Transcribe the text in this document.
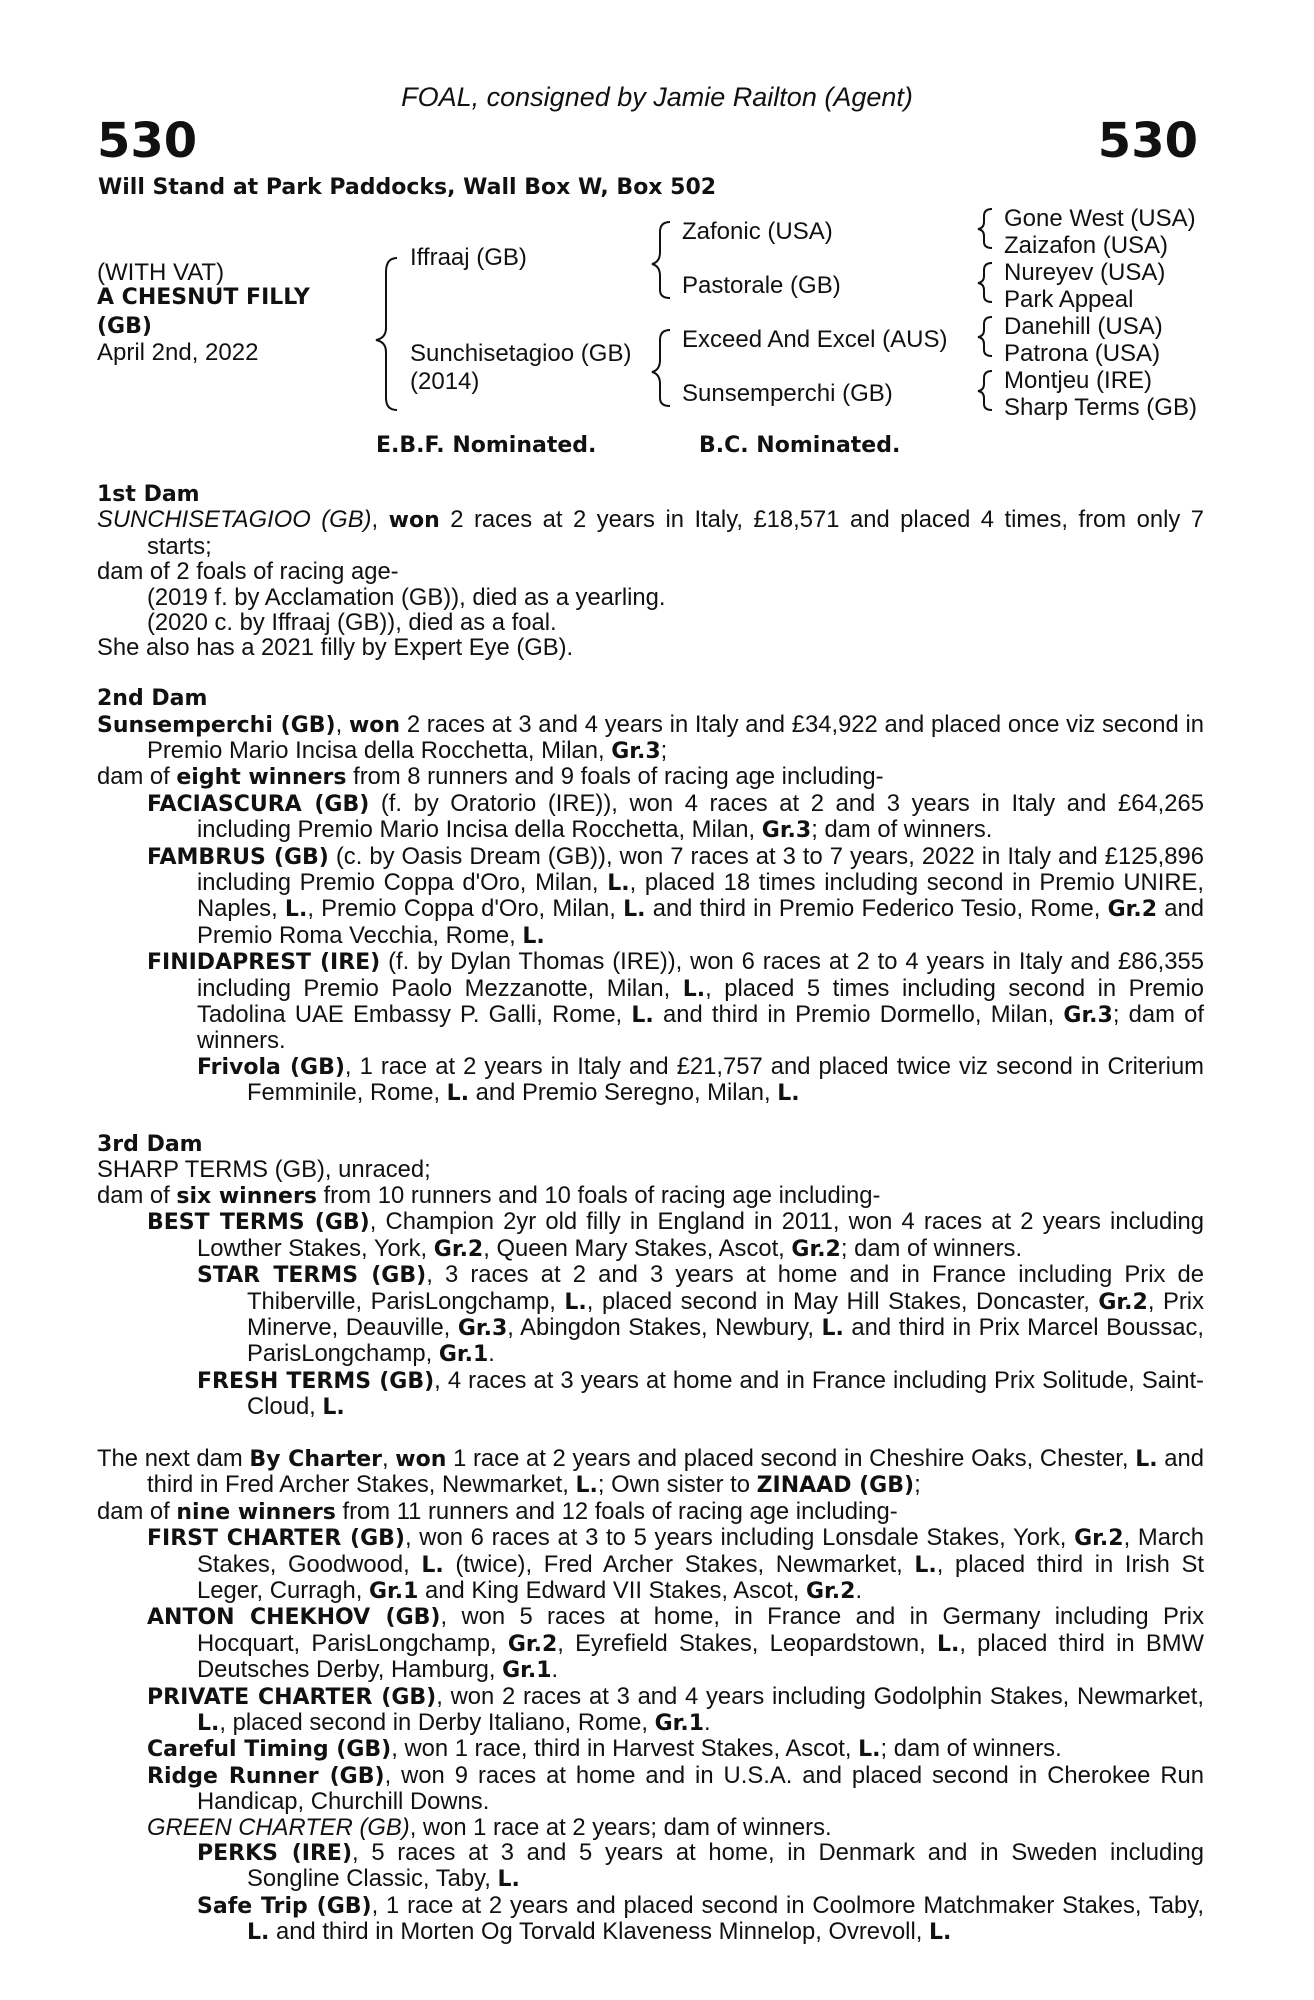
FOAL, consigned by Jamie Railton (Agent)
530	530
Will Stand at Park Paddocks, Wall Box W, Box 502
(WITH VAT)
A CHESNUT FILLY
(GB)
April 2nd, 2022
Iffraaj (GB)
Sunchisetagioo (GB)
(2014)
Zafonic (USA)
Pastorale (GB)
Exceed And Excel (AUS)
Sunsemperchi (GB)
Gone West (USA)
Zaizafon (USA)
Nureyev (USA)
Park Appeal
Danehill (USA)
Patrona (USA)
Montjeu (IRE)
Sharp Terms (GB)
E.B.F. Nominated.	B.C. Nominated.
1st Dam
SUNCHISETAGIOO (GB), won 2 races at 2 years in Italy, £18,571 and placed 4 times, from only 7 starts;
dam of 2 foals of racing age-
(2019 f. by Acclamation (GB)), died as a yearling.
(2020 c. by Iffraaj (GB)), died as a foal.
She also has a 2021 filly by Expert Eye (GB).
2nd Dam
Sunsemperchi (GB), won 2 races at 3 and 4 years in Italy and £34,922 and placed once viz second in Premio Mario Incisa della Rocchetta, Milan, Gr.3;
dam of eight winners from 8 runners and 9 foals of racing age including-
FACIASCURA (GB) (f. by Oratorio (IRE)), won 4 races at 2 and 3 years in Italy and £64,265 including Premio Mario Incisa della Rocchetta, Milan, Gr.3; dam of winners.
FAMBRUS (GB) (c. by Oasis Dream (GB)), won 7 races at 3 to 7 years, 2022 in Italy and £125,896 including Premio Coppa d'Oro, Milan, L., placed 18 times including second in Premio UNIRE, Naples, L., Premio Coppa d'Oro, Milan, L. and third in Premio Federico Tesio, Rome, Gr.2 and Premio Roma Vecchia, Rome, L.
FINIDAPREST (IRE) (f. by Dylan Thomas (IRE)), won 6 races at 2 to 4 years in Italy and £86,355 including Premio Paolo Mezzanotte, Milan, L., placed 5 times including second in Premio Tadolina UAE Embassy P. Galli, Rome, L. and third in Premio Dormello, Milan, Gr.3; dam of winners.
Frivola (GB), 1 race at 2 years in Italy and £21,757 and placed twice viz second in Criterium Femminile, Rome, L. and Premio Seregno, Milan, L.
3rd Dam
SHARP TERMS (GB), unraced;
dam of six winners from 10 runners and 10 foals of racing age including-
BEST TERMS (GB), Champion 2yr old filly in England in 2011, won 4 races at 2 years including Lowther Stakes, York, Gr.2, Queen Mary Stakes, Ascot, Gr.2; dam of winners.
STAR TERMS (GB), 3 races at 2 and 3 years at home and in France including Prix de Thiberville, ParisLongchamp, L., placed second in May Hill Stakes, Doncaster, Gr.2, Prix Minerve, Deauville, Gr.3, Abingdon Stakes, Newbury, L. and third in Prix Marcel Boussac, ParisLongchamp, Gr.1.
FRESH TERMS (GB), 4 races at 3 years at home and in France including Prix Solitude, Saint-Cloud, L.
The next dam By Charter, won 1 race at 2 years and placed second in Cheshire Oaks, Chester, L. and third in Fred Archer Stakes, Newmarket, L.; Own sister to ZINAAD (GB);
dam of nine winners from 11 runners and 12 foals of racing age including-
FIRST CHARTER (GB), won 6 races at 3 to 5 years including Lonsdale Stakes, York, Gr.2, March Stakes, Goodwood, L. (twice), Fred Archer Stakes, Newmarket, L., placed third in Irish St Leger, Curragh, Gr.1 and King Edward VII Stakes, Ascot, Gr.2.
ANTON CHEKHOV (GB), won 5 races at home, in France and in Germany including Prix Hocquart, ParisLongchamp, Gr.2, Eyrefield Stakes, Leopardstown, L., placed third in BMW Deutsches Derby, Hamburg, Gr.1.
PRIVATE CHARTER (GB), won 2 races at 3 and 4 years including Godolphin Stakes, Newmarket, L., placed second in Derby Italiano, Rome, Gr.1.
Careful Timing (GB), won 1 race, third in Harvest Stakes, Ascot, L.; dam of winners.
Ridge Runner (GB), won 9 races at home and in U.S.A. and placed second in Cherokee Run Handicap, Churchill Downs.
GREEN CHARTER (GB), won 1 race at 2 years; dam of winners.
PERKS (IRE), 5 races at 3 and 5 years at home, in Denmark and in Sweden including Songline Classic, Taby, L.
Safe Trip (GB), 1 race at 2 years and placed second in Coolmore Matchmaker Stakes, Taby, L. and third in Morten Og Torvald Klaveness Minnelop, Ovrevoll, L.
